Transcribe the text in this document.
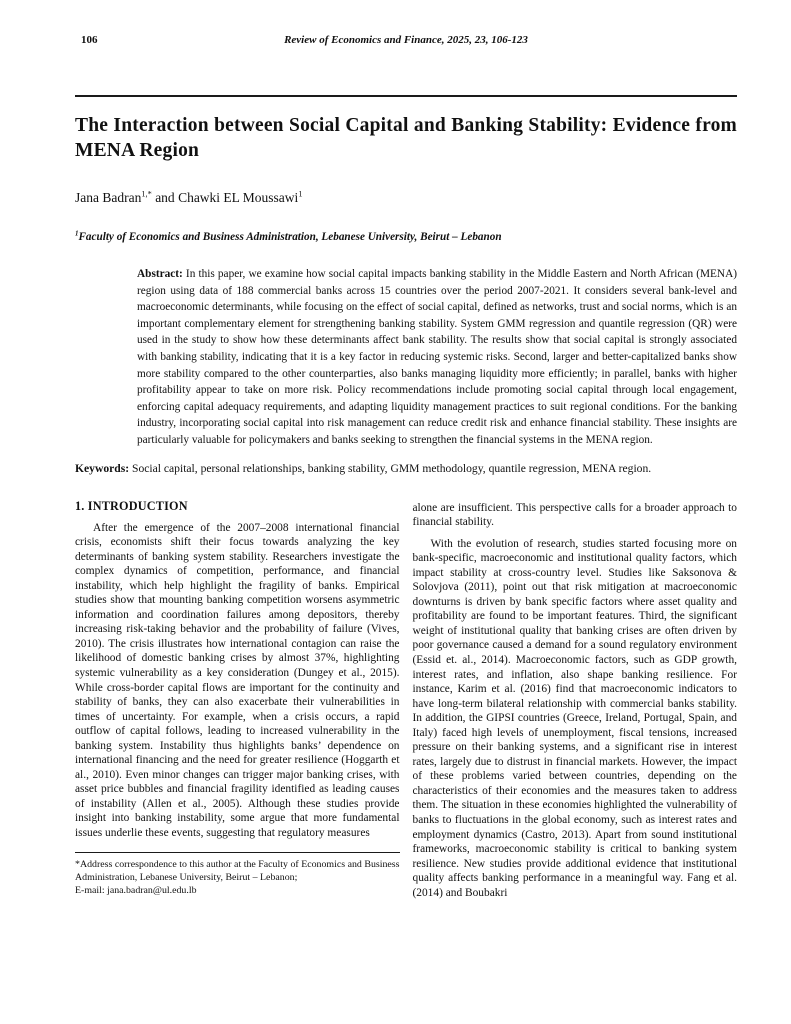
106	Review of Economics and Finance, 2025, 23, 106-123
The Interaction between Social Capital and Banking Stability: Evidence from MENA Region
Jana Badran$^{1,*}$ and Chawki EL Moussawi$^1$
$^1$Faculty of Economics and Business Administration, Lebanese University, Beirut – Lebanon
Abstract: In this paper, we examine how social capital impacts banking stability in the Middle Eastern and North African (MENA) region using data of 188 commercial banks across 15 countries over the period 2007-2021. It considers several bank-level and macroeconomic determinants, while focusing on the effect of social capital, defined as networks, trust and social norms, which is an important complementary element for strengthening banking stability. System GMM regression and quantile regression (QR) were used in the study to show how these determinants affect bank stability. The results show that social capital is strongly associated with banking stability, indicating that it is a key factor in reducing systemic risks. Second, larger and better-capitalized banks show more stability compared to the other counterparties, also banks managing liquidity more efficiently; in parallel, banks with higher profitability appear to take on more risk. Policy recommendations include promoting social capital through local engagement, enforcing capital adequacy requirements, and adapting liquidity management practices to suit regional conditions. For the banking industry, incorporating social capital into risk management can reduce credit risk and enhance financial stability. These insights are particularly valuable for policymakers and banks seeking to strengthen the financial systems in the MENA region.
Keywords: Social capital, personal relationships, banking stability, GMM methodology, quantile regression, MENA region.
1. INTRODUCTION

After the emergence of the 2007–2008 international financial crisis, economists shift their focus towards analyzing the key determinants of banking system stability. Researchers investigate the complex dynamics of competition, performance, and financial instability, which help highlight the fragility of banks. Empirical studies show that mounting banking competition worsens asymmetric information and coordination failures among depositors, thereby increasing risk-taking behavior and the probability of failure (Vives, 2010). The crisis illustrates how international contagion can raise the likelihood of domestic banking crises by almost 37%, highlighting systemic vulnerability as a key consideration (Dungey et al., 2015). While cross-border capital flows are important for the continuity and stability of banks, they can also exacerbate their vulnerabilities in times of uncertainty. For example, when a crisis occurs, a rapid outflow of capital follows, leading to increased vulnerability in the banking system. Instability thus highlights banks’ dependence on international financing and the need for greater resilience (Hoggarth et al., 2010). Even minor changes can trigger major banking crises, with asset price bubbles and financial fragility identified as leading causes of instability (Allen et al., 2005). Although these studies provide insight into banking instability, some argue that more fundamental issues underlie these events, suggesting that regulatory measures

*Address correspondence to this author at the Faculty of Economics and Business Administration, Lebanese University, Beirut – Lebanon;
E-mail: jana.badran@ul.edu.lb

alone are insufficient. This perspective calls for a broader approach to financial stability.

With the evolution of research, studies started focusing more on bank-specific, macroeconomic and institutional quality factors, which impact stability at cross-country level. Studies like Saksonova & Solovjova (2011), point out that risk mitigation at macroeconomic downturns is driven by bank specific factors where asset quality and profitability are found to be important features. Third, the significant weight of institutional quality that banking crises are often driven by poor governance caused a demand for a sound regulatory environment (Essid et. al., 2014). Macroeconomic factors, such as GDP growth, interest rates, and inflation, also shape banking resilience. For instance, Karim et al. (2016) find that macroeconomic indicators to have long-term bilateral relationship with commercial banks stability. In addition, the GIPSI countries (Greece, Ireland, Portugal, Spain, and Italy) faced high levels of unemployment, fiscal tensions, increased pressure on their banking systems, and a significant rise in interest rates, largely due to distrust in financial markets. However, the impact of these problems varied between countries, depending on the characteristics of their economies and the measures taken to address them. The situation in these economies highlighted the vulnerability of banks to fluctuations in the global economy, such as interest rates and employment dynamics (Castro, 2013). Apart from sound institutional frameworks, macroeconomic stability is critical to banking system resilience. New studies provide additional evidence that institutional quality affects banking performance in a meaningful way. Fang et al. (2014) and Boubakri
